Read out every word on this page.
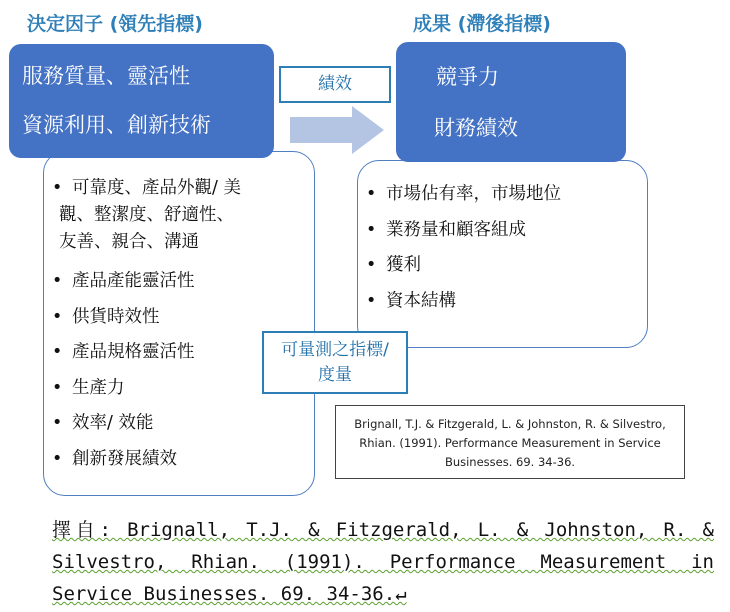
決定因子 (領先指標)	成果 (滯後指標)
• 可靠度、產品外觀/ 美
觀、整潔度、舒適性、
友善、親合、溝通
• 產品產能靈活性
• 供貨時效性
• 產品規格靈活性
• 生產力
• 效率/ 效能
• 創新發展績效
服務質量、靈活性
資源利用、創新技術
• 市場佔有率，市場地位
• 業務量和顧客組成
• 獲利
• 資本結構
競爭力
財務績效
績效
可量測之指標/
度量
Brignall, T.J. & Fitzgerald, L. & Johnston, R. & Silvestro,
Rhian. (1991). Performance Measurement in Service
Businesses. 69. 34-36.
擇自: Brignall, T.J. & Fitzgerald, L. & Johnston, R. &
Silvestro, Rhian. (1991). Performance Measurement in
Service Businesses. 69. 34-36.↵
